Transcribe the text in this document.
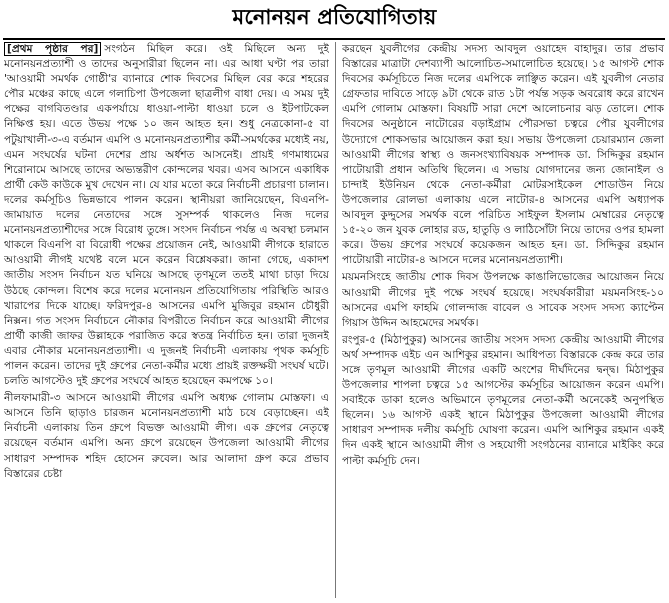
মনোনয়ন প্রতিযোগিতায়

[প্রথম পৃষ্ঠার পর] সংগঠন মিছিল করে। ওই মিছিলে অন্য দুই মনোনয়নপ্রত্যাশী ও তাদের অনুসারীরা ছিলেন না। এর আধা ঘণ্টা পর তারা 'আওয়ামী সমর্থক গোষ্ঠী'র ব্যানারে শোক দিবসের মিছিল বের করে শহরের পৌর মঞ্চের কাছে এলে গলাচিপা উপজেলা ছাত্রলীগ বাধা দেয়। এ সময় দুই পক্ষের বাগবিতণ্ডার একপর্যায়ে ধাওয়া-পাল্টা ধাওয়া চলে ও ইটপাটকেল নিক্ষিপ্ত হয়। এতে উভয় পক্ষে ১০ জন আহত হন। শুধু নেত্রকোনা-৫ বা পটুয়াখালী-৩-এ বর্তমান এমপি ও মনোনয়নপ্রত্যাশীর কর্মী-সমর্থকের মধ্যেই নয়, এমন সংঘর্ষের ঘটনা দেশের প্রায় অর্ধশত আসনেই। প্রায়ই গণমাধ্যমের শিরোনামে আসছে তাদের অভ্যন্তরীণ কোন্দলের খবর। এসব আসনে একাধিক প্রার্থী কেউ কাউকে মুখ দেখেন না। যে যার মতো করে নির্বাচনী প্রচারণা চালান। দলের কর্মসূচিও ভিন্নভাবে পালন করেন। স্থানীয়রা জানিয়েছেন, বিএনপি-জামায়াত দলের নেতাদের সঙ্গে সুসম্পর্ক থাকলেও নিজ দলের মনোনয়নপ্রত্যাশীদের সঙ্গে বিরোধ তুঙ্গে। সংসদ নির্বাচন পর্যন্ত এ অবস্থা চলমান থাকলে বিএনপি বা বিরোধী পক্ষের প্রয়োজন নেই, আওয়ামী লীগকে হারাতে আওয়ামী লীগই যথেষ্ট বলে মনে করেন বিশ্লেষকরা। জানা গেছে, একাদশ জাতীয় সংসদ নির্বাচন যত ঘনিয়ে আসছে তৃণমূলে ততই মাথা চাড়া দিয়ে উঠছে কোন্দল। বিশেষ করে দলের মনোনয়ন প্রতিযোগিতায় পরিস্থিতি আরও খারাপের দিকে যাচ্ছে। ফরিদপুর-৪ আসনের এমপি মুজিবুর রহমান চৌধুরী নিক্সন। গত সংসদ নির্বাচনে নৌকার বিপরীতে নির্বাচন করে আওয়ামী লীগের প্রার্থী কাজী জাফর উল্লাহকে পরাজিত করে স্বতন্ত্র নির্বাচিত হন। তারা দুজনই এবার নৌকার মনোনয়নপ্রত্যাশী। এ দুজনই নির্বাচনী এলাকায় পৃথক কর্মসূচি পালন করেন। তাদের দুই গ্রুপের নেতা-কর্মীর মধ্যে প্রায়ই রক্তক্ষয়ী সংঘর্ষ ঘটে। চলতি আগস্টেও দুই গ্রুপের সংঘর্ষে আহত হয়েছেন কমপক্ষে ১০।

নীলফামারী-৩ আসনে আওয়ামী লীগের এমপি অধ্যক্ষ গোলাম মোস্তফা। এ আসনে তিনি ছাড়াও চারজন মনোনয়নপ্রত্যাশী মাঠ চষে বেড়াচ্ছেন। এই নির্বাচনী এলাকায় তিন গ্রুপে বিভক্ত আওয়ামী লীগ। এক গ্রুপের নেতৃত্বে রয়েছেন বর্তমান এমপি। অন্য গ্রুপে রয়েছেন উপজেলা আওয়ামী লীগের সাধারণ সম্পাদক শহিদ হোসেন রুবেল। আর আলাদা গ্রুপ করে প্রভাব বিস্তারের চেষ্টা

করছেন যুবলীগের কেন্দ্রীয় সদস্য আবদুল ওয়াহেদ বাহাদুর। তার প্রভাব বিস্তারের মাত্রাটা দেশব্যাপী আলোচিত-সমালোচিত হয়েছে। ১৫ আগস্ট শোক দিবসের কর্মসূচিতে নিজ দলের এমপিকে লাঞ্ছিত করেন। এই যুবলীগ নেতার গ্রেফতার দাবিতে সাড়ে ৯টা থেকে রাত ১টা পর্যন্ত সড়ক অবরোধ করে রাখেন এমপি গোলাম মোস্তফা। বিষয়টি সারা দেশে আলোচনার ঝড় তোলে। শোক দিবসের অনুষ্ঠানে নাটোরের বড়াইগ্রাম পৌরসভা চত্বরে পৌর যুবলীগের উদ্যোগে শোকসভার আয়োজন করা হয়। সভায় উপজেলা চেয়ারম্যান জেলা আওয়ামী লীগের স্বাস্থ্য ও জনসংখ্যাবিষয়ক সম্পাদক ডা. সিদ্দিকুর রহমান পাটোয়ারী প্রধান অতিথি ছিলেন। এ সভায় যোগদানের জন্য জোনাইল ও চান্দাই ইউনিয়ন থেকে নেতা-কর্মীরা মোটরসাইকেল শোডাউন নিয়ে উপজেলার রোলভা এলাকায় এলে নাটোর-৪ আসনের এমপি অধ্যাপক আবদুল কুদ্দুসের সমর্থক বলে পরিচিত সাইফুল ইসলাম মেম্বারের নেতৃত্বে ১৫-২০ জন যুবক লোহার রড, হাতুড়ি ও লাঠিসোঁটা নিয়ে তাদের ওপর হামলা করে। উভয় গ্রুপের সংঘর্ষে কয়েকজন আহত হন। ডা. সিদ্দিকুর রহমান পাটোয়ারী নাটোর-৪ আসনে দলের মনোনয়নপ্রত্যাশী।

ময়মনসিংহে জাতীয় শোক দিবস উপলক্ষে কাঙালিভোজের আয়োজন নিয়ে আওয়ামী লীগের দুই পক্ষে সংঘর্ষ হয়েছে। সংঘর্ষকারীরা ময়মনসিংহ-১০ আসনের এমপি ফাহমি গোলন্দাজ বাবেল ও সাবেক সংসদ সদস্য ক্যাপ্টেন গিয়াস উদ্দিন আহমেদের সমর্থক।

রংপুর-৫ (মিঠাপুকুর) আসনের জাতীয় সংসদ সদস্য কেন্দ্রীয় আওয়ামী লীগের অর্থ সম্পাদক এইচ এন আশিকুর রহমান। আধিপত্য বিস্তারকে কেন্দ্র করে তার সঙ্গে তৃণমূল আওয়ামী লীগের একটি অংশের দীর্ঘদিনের দ্বন্দ্ব। মিঠাপুকুর উপজেলার শাপলা চত্বরে ১৫ আগস্টের কর্মসূচির আয়োজন করেন এমপি। সবাইকে ডাকা হলেও অভিমানে তৃণমূলের নেতা-কর্মী অনেকেই অনুপস্থিত ছিলেন। ১৬ আগস্ট একই স্থানে মিঠাপুকুর উপজেলা আওয়ামী লীগের সাধারণ সম্পাদক দলীয় কর্মসূচি ঘোষণা করেন। এমপি আশিকুর রহমান একই দিন একই স্থানে আওয়ামী লীগ ও সহযোগী সংগঠনের ব্যানারে মাইকিং করে পাল্টা কর্মসূচি দেন।
